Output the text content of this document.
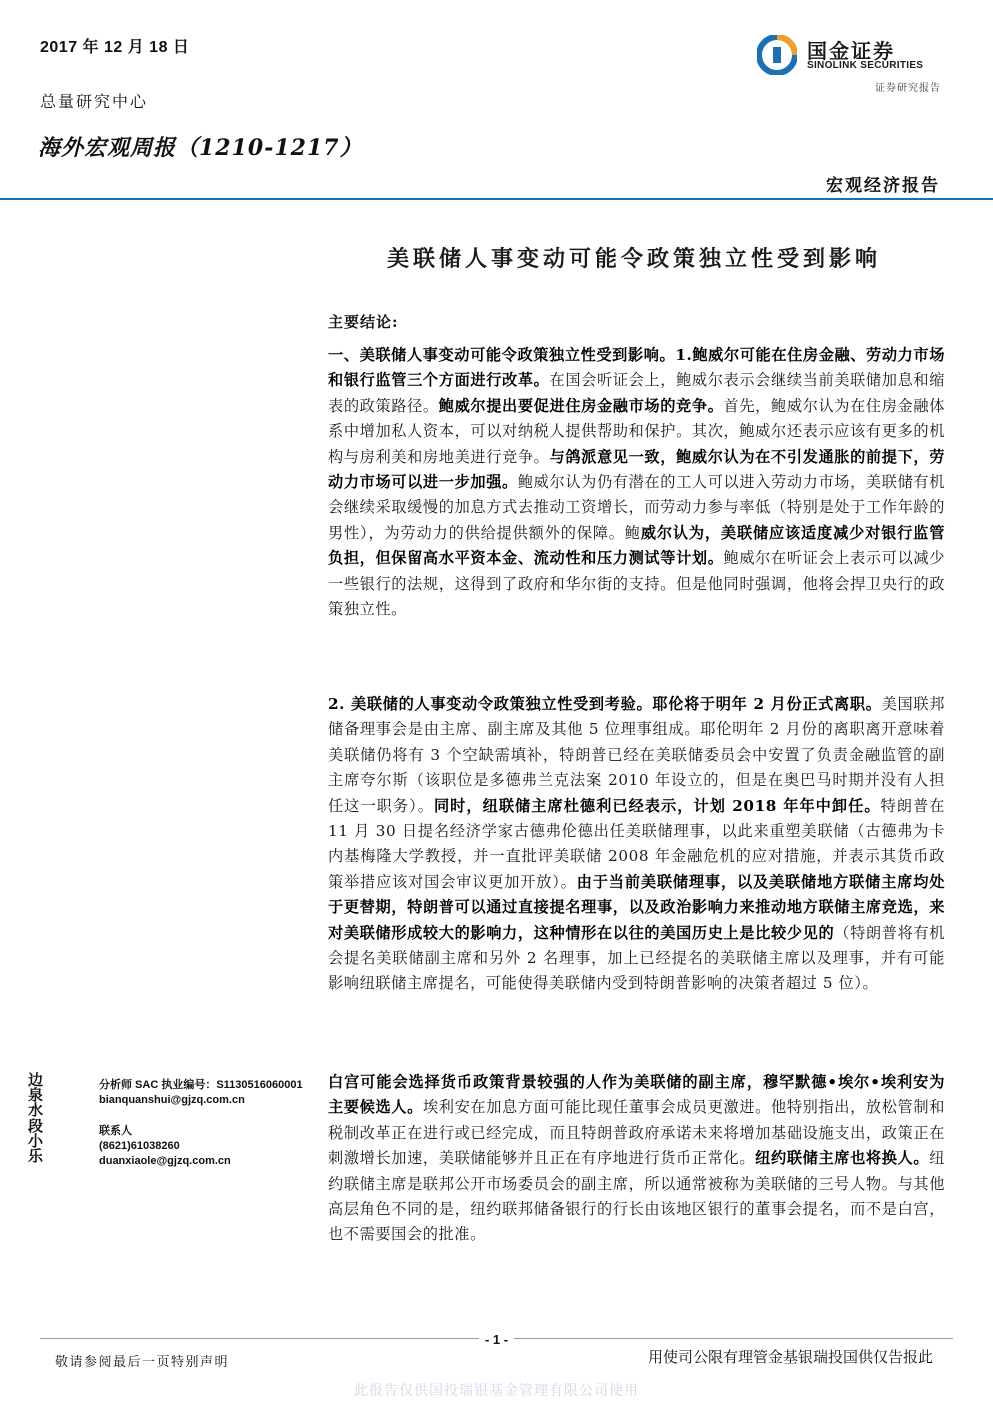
2017 年 12 月 18 日
总量研究中心
海外宏观周报（1210-1217）
国金证券
SINOLINK SECURITIES
证券研究报告
宏观经济报告
美联储人事变动可能令政策独立性受到影响
主要结论:
一、美联储人事变动可能令政策独立性受到影响。1.鲍威尔可能在住房金融、劳动力市场和银行监管三个方面进行改革。在国会听证会上，鲍威尔表示会继续当前美联储加息和缩表的政策路径。鲍威尔提出要促进住房金融市场的竞争。首先，鲍威尔认为在住房金融体系中增加私人资本，可以对纳税人提供帮助和保护。其次，鲍威尔还表示应该有更多的机构与房利美和房地美进行竞争。与鸽派意见一致，鲍威尔认为在不引发通胀的前提下，劳动力市场可以进一步加强。鲍威尔认为仍有潜在的工人可以进入劳动力市场，美联储有机会继续采取缓慢的加息方式去推动工资增长，而劳动力参与率低（特别是处于工作年龄的男性），为劳动力的供给提供额外的保障。鲍威尔认为，美联储应该适度减少对银行监管负担，但保留高水平资本金、流动性和压力测试等计划。鲍威尔在听证会上表示可以减少一些银行的法规，这得到了政府和华尔街的支持。但是他同时强调，他将会捍卫央行的政策独立性。
2. 美联储的人事变动令政策独立性受到考验。耶伦将于明年 2 月份正式离职。美国联邦储备理事会是由主席、副主席及其他 5 位理事组成。耶伦明年 2 月份的离职离开意味着美联储仍将有 3 个空缺需填补，特朗普已经在美联储委员会中安置了负责金融监管的副主席夸尔斯（该职位是多德弗兰克法案 2010 年设立的，但是在奥巴马时期并没有人担任这一职务）。同时，纽联储主席杜德利已经表示，计划 2018 年年中卸任。特朗普在 11 月 30 日提名经济学家古德弗伦德出任美联储理事，以此来重塑美联储（古德弗为卡内基梅隆大学教授，并一直批评美联储 2008 年金融危机的应对措施，并表示其货币政策举措应该对国会审议更加开放）。由于当前美联储理事，以及美联储地方联储主席均处于更替期，特朗普可以通过直接提名理事，以及政治影响力来推动地方联储主席竞选，来对美联储形成较大的影响力，这种情形在以往的美国历史上是比较少见的（特朗普将有机会提名美联储副主席和另外 2 名理事，加上已经提名的美联储主席以及理事，并有可能影响纽联储主席提名，可能使得美联储内受到特朗普影响的决策者超过 5 位）。
白宫可能会选择货币政策背景较强的人作为美联储的副主席，穆罕默德•埃尔•埃利安为主要候选人。埃利安在加息方面可能比现任董事会成员更激进。他特别指出，放松管制和税制改革正在进行或已经完成，而且特朗普政府承诺未来将增加基础设施支出，政策正在刺激增长加速，美联储能够并且正在有序地进行货币正常化。纽约联储主席也将换人。纽约联储主席是联邦公开市场委员会的副主席，所以通常被称为美联储的三号人物。与其他高层角色不同的是，纽约联邦储备银行的行长由该地区银行的董事会提名，而不是白宫，也不需要国会的批准。
边泉水
分析师 SAC 执业编号：S1130516060001
bianquanshui@gjzq.com.cn
段小乐
联系人
(8621)61038260
duanxiaole@gjzq.com.cn
- 1 -
敬请参阅最后一页特别声明	用使司公限有理管金基银瑞投国供仅告报此
此报告仅供国投瑞银基金管理有限公司使用
